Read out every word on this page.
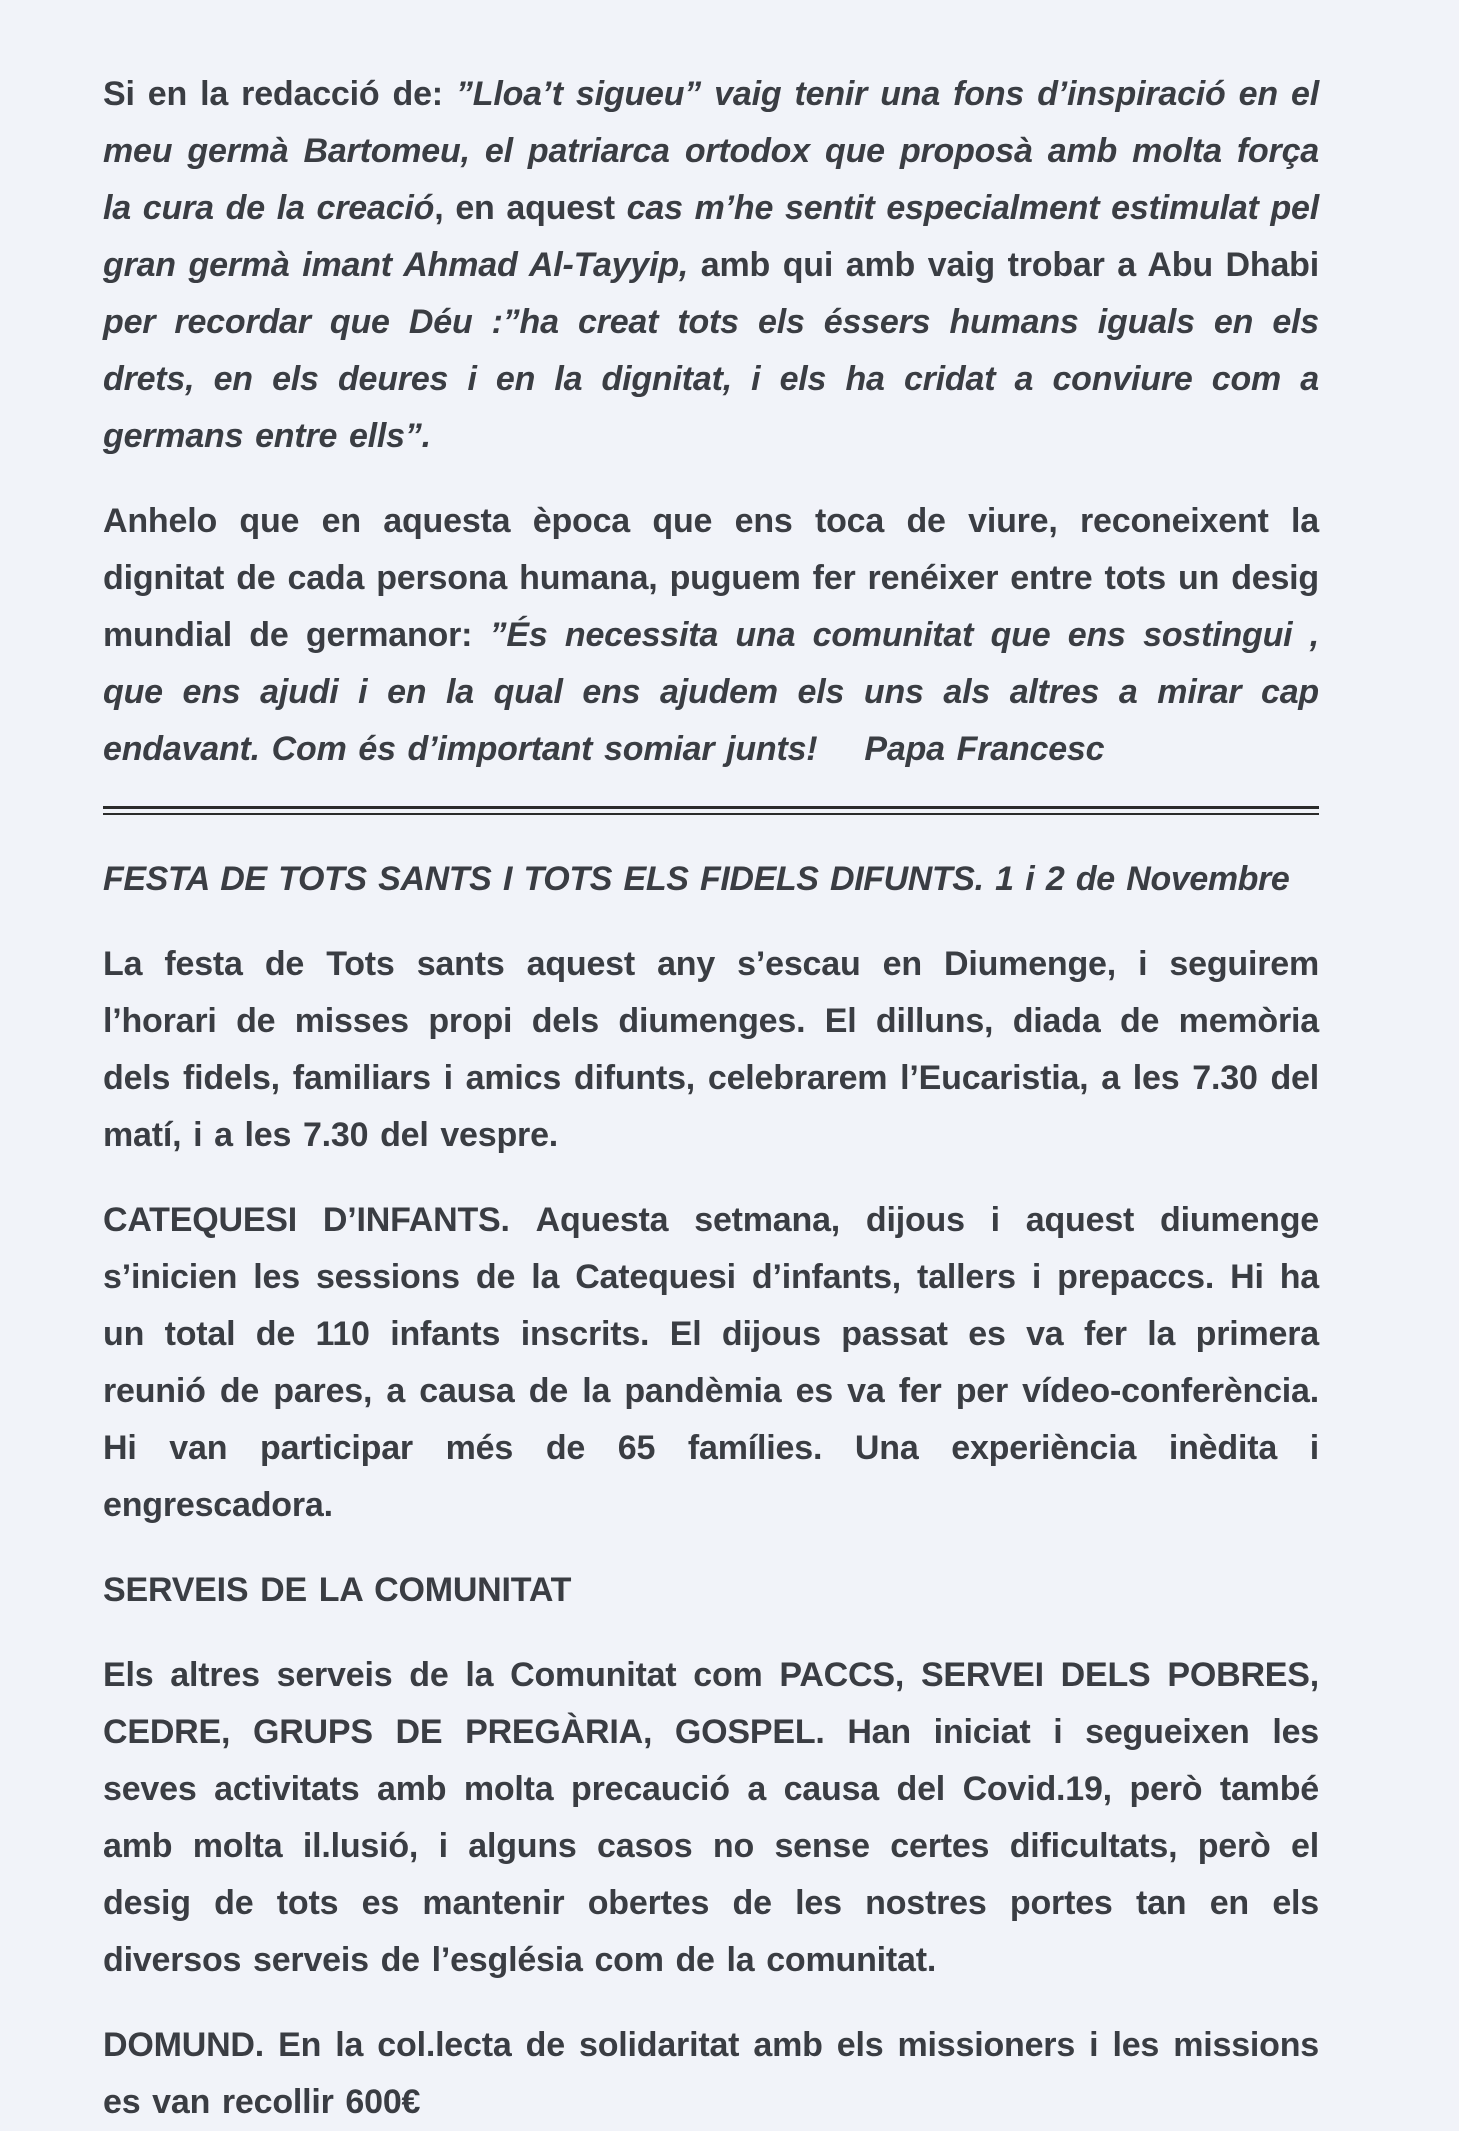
Si en la redacció de: ”Lloa’t sigueu” vaig tenir una fons d’inspiració en el meu germà Bartomeu, el patriarca ortodox que proposà amb molta força la cura de la creació, en aquest cas m’he sentit especialment estimulat pel gran germà imant Ahmad Al-Tayyip, amb qui amb vaig trobar a Abu Dhabi per recordar que Déu :”ha creat tots els éssers humans iguals en els drets, en els deures i en la dignitat, i els ha cridat a conviure com a germans entre ells”.

Anhelo que en aquesta època que ens toca de viure, reconeixent la dignitat de cada persona humana, puguem fer renéixer entre tots un desig mundial de germanor: ”És necessita una comunitat que ens sostingui , que ens ajudi i en la qual ens ajudem els uns als altres a mirar cap endavant. Com és d’important somiar junts!    Papa Francesc

FESTA DE TOTS SANTS I TOTS ELS FIDELS DIFUNTS. 1 i 2 de Novembre

La festa de Tots sants aquest any s’escau en Diumenge, i seguirem l’horari de misses propi dels diumenges. El dilluns, diada de memòria dels fidels, familiars i amics difunts, celebrarem l’Eucaristia, a les 7.30 del matí, i a les 7.30 del vespre.

CATEQUESI D’INFANTS. Aquesta setmana, dijous i aquest diumenge s’inicien les sessions de la Catequesi d’infants, tallers i prepaccs. Hi ha un total de 110 infants inscrits. El dijous passat es va fer la primera reunió de pares, a causa de la pandèmia es va fer per vídeo-conferència. Hi van participar més de 65 famílies. Una experiència inèdita i engrescadora.

SERVEIS DE LA COMUNITAT

Els altres serveis de la Comunitat com PACCS, SERVEI DELS POBRES, CEDRE, GRUPS DE PREGÀRIA, GOSPEL. Han iniciat i segueixen les seves activitats amb molta precaució a causa del Covid.19, però també amb molta il.lusió, i alguns casos no sense certes dificultats, però el desig de tots es mantenir obertes de les nostres portes tan en els diversos serveis de l’església com de la comunitat.

DOMUND. En la col.lecta de solidaritat amb els missioners i les missions es van recollir 600€
